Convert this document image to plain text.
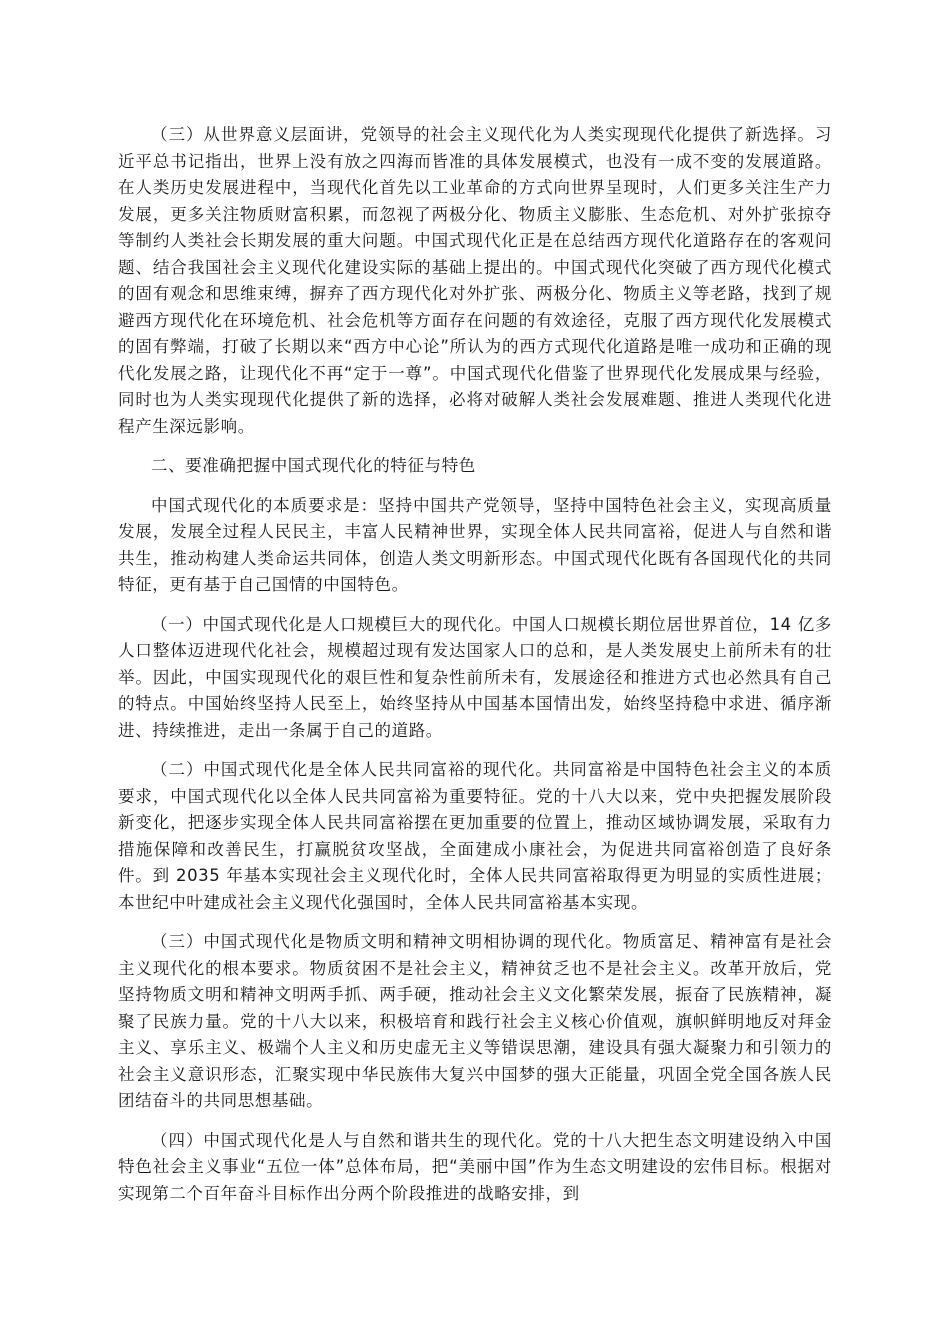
（三）从世界意义层面讲，党领导的社会主义现代化为人类实现现代化提供了新选择。习近平总书记指出，世界上没有放之四海而皆准的具体发展模式，也没有一成不变的发展道路。在人类历史发展进程中，当现代化首先以工业革命的方式向世界呈现时，人们更多关注生产力发展，更多关注物质财富积累，而忽视了两极分化、物质主义膨胀、生态危机、对外扩张掠夺等制约人类社会长期发展的重大问题。中国式现代化正是在总结西方现代化道路存在的客观问题、结合我国社会主义现代化建设实际的基础上提出的。中国式现代化突破了西方现代化模式的固有观念和思维束缚，摒弃了西方现代化对外扩张、两极分化、物质主义等老路，找到了规避西方现代化在环境危机、社会危机等方面存在问题的有效途径，克服了西方现代化发展模式的固有弊端，打破了长期以来“西方中心论”所认为的西方式现代化道路是唯一成功和正确的现代化发展之路，让现代化不再“定于一尊”。中国式现代化借鉴了世界现代化发展成果与经验，同时也为人类实现现代化提供了新的选择，必将对破解人类社会发展难题、推进人类现代化进程产生深远影响。

二、要准确把握中国式现代化的特征与特色

中国式现代化的本质要求是：坚持中国共产党领导，坚持中国特色社会主义，实现高质量发展，发展全过程人民民主，丰富人民精神世界，实现全体人民共同富裕，促进人与自然和谐共生，推动构建人类命运共同体，创造人类文明新形态。中国式现代化既有各国现代化的共同特征，更有基于自己国情的中国特色。

（一）中国式现代化是人口规模巨大的现代化。中国人口规模长期位居世界首位，14 亿多人口整体迈进现代化社会，规模超过现有发达国家人口的总和，是人类发展史上前所未有的壮举。因此，中国实现现代化的艰巨性和复杂性前所未有，发展途径和推进方式也必然具有自己的特点。中国始终坚持人民至上，始终坚持从中国基本国情出发，始终坚持稳中求进、循序渐进、持续推进，走出一条属于自己的道路。

（二）中国式现代化是全体人民共同富裕的现代化。共同富裕是中国特色社会主义的本质要求，中国式现代化以全体人民共同富裕为重要特征。党的十八大以来，党中央把握发展阶段新变化，把逐步实现全体人民共同富裕摆在更加重要的位置上，推动区域协调发展，采取有力措施保障和改善民生，打赢脱贫攻坚战，全面建成小康社会，为促进共同富裕创造了良好条件。到 2035 年基本实现社会主义现代化时，全体人民共同富裕取得更为明显的实质性进展；本世纪中叶建成社会主义现代化强国时，全体人民共同富裕基本实现。

（三）中国式现代化是物质文明和精神文明相协调的现代化。物质富足、精神富有是社会主义现代化的根本要求。物质贫困不是社会主义，精神贫乏也不是社会主义。改革开放后，党坚持物质文明和精神文明两手抓、两手硬，推动社会主义文化繁荣发展，振奋了民族精神，凝聚了民族力量。党的十八大以来，积极培育和践行社会主义核心价值观，旗帜鲜明地反对拜金主义、享乐主义、极端个人主义和历史虚无主义等错误思潮，建设具有强大凝聚力和引领力的社会主义意识形态，汇聚实现中华民族伟大复兴中国梦的强大正能量，巩固全党全国各族人民团结奋斗的共同思想基础。

（四）中国式现代化是人与自然和谐共生的现代化。党的十八大把生态文明建设纳入中国特色社会主义事业“五位一体”总体布局，把“美丽中国”作为生态文明建设的宏伟目标。根据对实现第二个百年奋斗目标作出分两个阶段推进的战略安排，到
